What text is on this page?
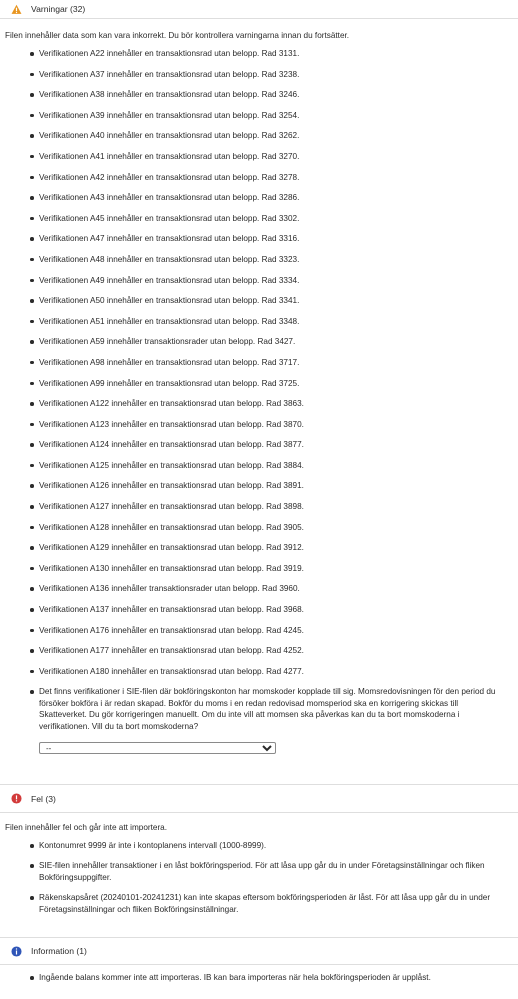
Varningar (32)

Filen innehåller data som kan vara inkorrekt. Du bör kontrollera varningarna innan du fortsätter.

Verifikationen A22 innehåller en transaktionsrad utan belopp. Rad 3131.
Verifikationen A37 innehåller en transaktionsrad utan belopp. Rad 3238.
Verifikationen A38 innehåller en transaktionsrad utan belopp. Rad 3246.
Verifikationen A39 innehåller en transaktionsrad utan belopp. Rad 3254.
Verifikationen A40 innehåller en transaktionsrad utan belopp. Rad 3262.
Verifikationen A41 innehåller en transaktionsrad utan belopp. Rad 3270.
Verifikationen A42 innehåller en transaktionsrad utan belopp. Rad 3278.
Verifikationen A43 innehåller en transaktionsrad utan belopp. Rad 3286.
Verifikationen A45 innehåller en transaktionsrad utan belopp. Rad 3302.
Verifikationen A47 innehåller en transaktionsrad utan belopp. Rad 3316.
Verifikationen A48 innehåller en transaktionsrad utan belopp. Rad 3323.
Verifikationen A49 innehåller en transaktionsrad utan belopp. Rad 3334.
Verifikationen A50 innehåller en transaktionsrad utan belopp. Rad 3341.
Verifikationen A51 innehåller en transaktionsrad utan belopp. Rad 3348.
Verifikationen A59 innehåller transaktionsrader utan belopp. Rad 3427.
Verifikationen A98 innehåller en transaktionsrad utan belopp. Rad 3717.
Verifikationen A99 innehåller en transaktionsrad utan belopp. Rad 3725.
Verifikationen A122 innehåller en transaktionsrad utan belopp. Rad 3863.
Verifikationen A123 innehåller en transaktionsrad utan belopp. Rad 3870.
Verifikationen A124 innehåller en transaktionsrad utan belopp. Rad 3877.
Verifikationen A125 innehåller en transaktionsrad utan belopp. Rad 3884.
Verifikationen A126 innehåller en transaktionsrad utan belopp. Rad 3891.
Verifikationen A127 innehåller en transaktionsrad utan belopp. Rad 3898.
Verifikationen A128 innehåller en transaktionsrad utan belopp. Rad 3905.
Verifikationen A129 innehåller en transaktionsrad utan belopp. Rad 3912.
Verifikationen A130 innehåller en transaktionsrad utan belopp. Rad 3919.
Verifikationen A136 innehåller transaktionsrader utan belopp. Rad 3960.
Verifikationen A137 innehåller en transaktionsrad utan belopp. Rad 3968.
Verifikationen A176 innehåller en transaktionsrad utan belopp. Rad 4245.
Verifikationen A177 innehåller en transaktionsrad utan belopp. Rad 4252.
Verifikationen A180 innehåller en transaktionsrad utan belopp. Rad 4277.
Det finns verifikationer i SIE-filen där bokföringskonton har momskoder kopplade till sig. Momsredovisningen för den period du försöker bokföra i är redan skapad. Bokför du moms i en redan redovisad momsperiod ska en korrigering skickas till Skatteverket. Du gör korrigeringen manuellt. Om du inte vill att momsen ska påverkas kan du ta bort momskoderna i verifikationen. Vill du ta bort momskoderna?
--
Fel (3)

Filen innehåller fel och går inte att importera.

Kontonumret 9999 är inte i kontoplanens intervall (1000-8999).
SIE-filen innehåller transaktioner i en låst bokföringsperiod. För att låsa upp går du in under Företagsinställningar och fliken Bokföringsuppgifter.
Räkenskapsåret (20240101-20241231) kan inte skapas eftersom bokföringsperioden är låst. För att låsa upp går du in under Företagsinställningar och fliken Bokföringsinställningar.
Information (1)
Ingående balans kommer inte att importeras. IB kan bara importeras när hela bokföringsperioden är upplåst.
